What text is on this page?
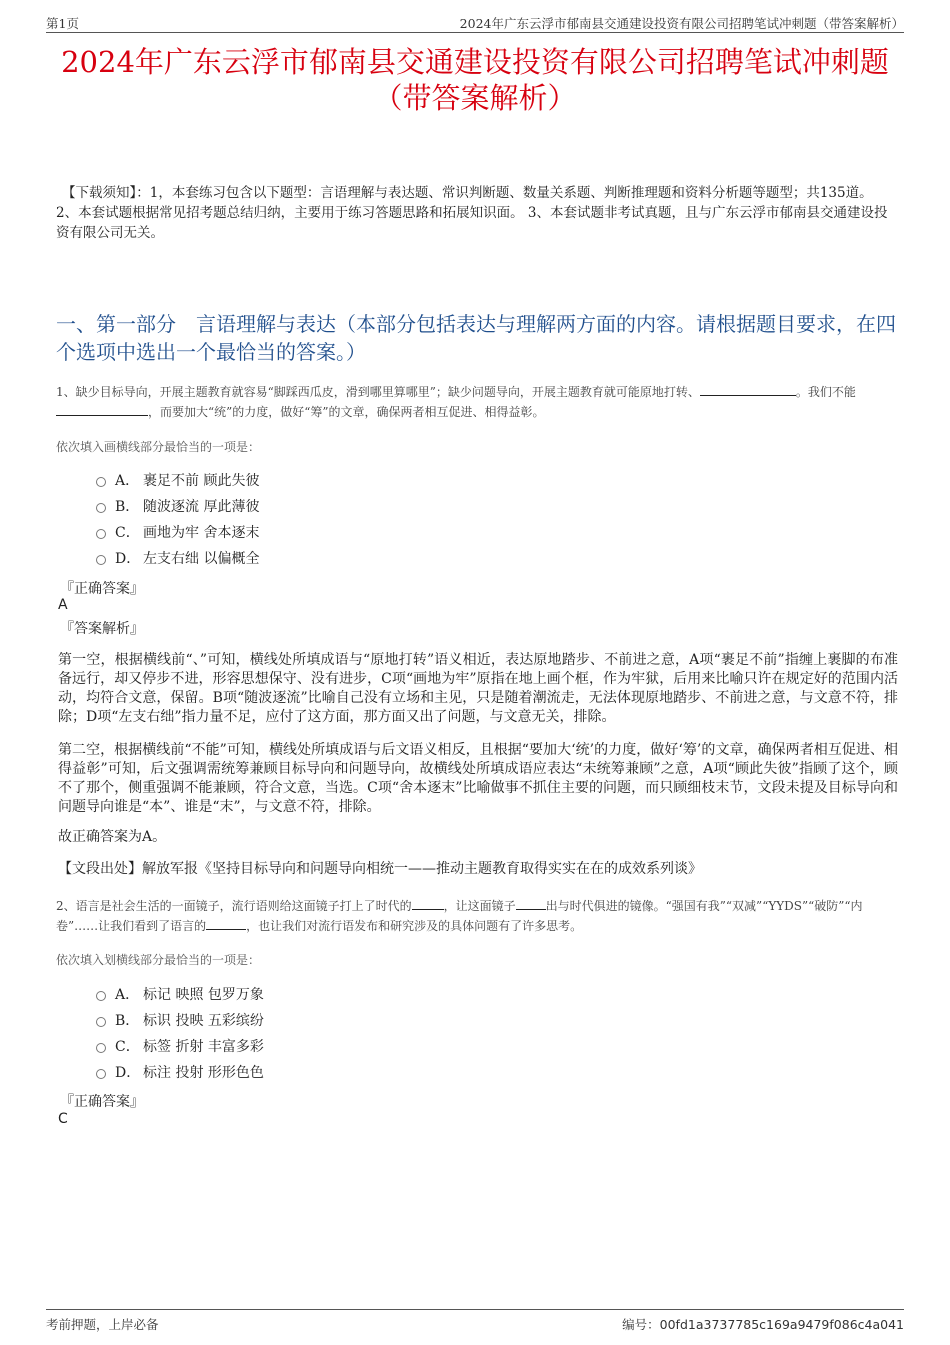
第1页	2024年广东云浮市郁南县交通建设投资有限公司招聘笔试冲刺题（带答案解析）
2024年广东云浮市郁南县交通建设投资有限公司招聘笔试冲刺题（带答案解析）
【下载须知】：1，本套练习包含以下题型：言语理解与表达题、常识判断题、数量关系题、判断推理题和资料分析题等题型；共135道。 2、本套试题根据常见招考题总结归纳，主要用于练习答题思路和拓展知识面。 3、本套试题非考试真题，且与广东云浮市郁南县交通建设投资有限公司无关。
一、第一部分　言语理解与表达（本部分包括表达与理解两方面的内容。请根据题目要求，在四个选项中选出一个最恰当的答案。）
1、缺少目标导向，开展主题教育就容易“脚踩西瓜皮，滑到哪里算哪里”；缺少问题导向，开展主题教育就可能原地打转、	。我们不能，而要加大“统”的力度，做好“筹”的文章，确保两者相互促进、相得益彰。
依次填入画横线部分最恰当的一项是：
A． 裹足不前 顾此失彼
B． 随波逐流 厚此薄彼
C． 画地为牢 舍本逐末
D． 左支右绌 以偏概全
『正确答案』
A
『答案解析』
第一空，根据横线前“、”可知，横线处所填成语与“原地打转”语义相近，表达原地踏步、不前进之意，A项“裹足不前”指缠上裹脚的布准备远行，却又停步不进，形容思想保守、没有进步，C项“画地为牢”原指在地上画个框，作为牢狱，后用来比喻只许在规定好的范围内活动，均符合文意，保留。B项“随波逐流”比喻自己没有立场和主见，只是随着潮流走，无法体现原地踏步、不前进之意，与文意不符，排除；D项“左支右绌”指力量不足，应付了这方面，那方面又出了问题，与文意无关，排除。
第二空，根据横线前“不能”可知，横线处所填成语与后文语义相反，且根据“要加大‘统’的力度，做好‘筹’的文章，确保两者相互促进、相得益彰”可知，后文强调需统筹兼顾目标导向和问题导向，故横线处所填成语应表达“未统筹兼顾”之意，A项“顾此失彼”指顾了这个，顾不了那个，侧重强调不能兼顾，符合文意，当选。C项“舍本逐末”比喻做事不抓住主要的问题，而只顾细枝末节，文段未提及目标导向和问题导向谁是“本”、谁是“末”，与文意不符，排除。
故正确答案为A。
【文段出处】解放军报《坚持目标导向和问题导向相统一——推动主题教育取得实实在在的成效系列谈》
2、语言是社会生活的一面镜子，流行语则给这面镜子打上了时代的	，让这面镜子	出与时代俱进的镜像。“强国有我”“双减”“YYDS”“破防”“内卷”……让我们看到了语言的	，也让我们对流行语发布和研究涉及的具体问题有了许多思考。
依次填入划横线部分最恰当的一项是：
A． 标记 映照 包罗万象
B． 标识 投映 五彩缤纷
C． 标签 折射 丰富多彩
D． 标注 投射 形形色色
『正确答案』
C
考前押题，上岸必备	编号：00fd1a3737785c169a9479f086c4a041
